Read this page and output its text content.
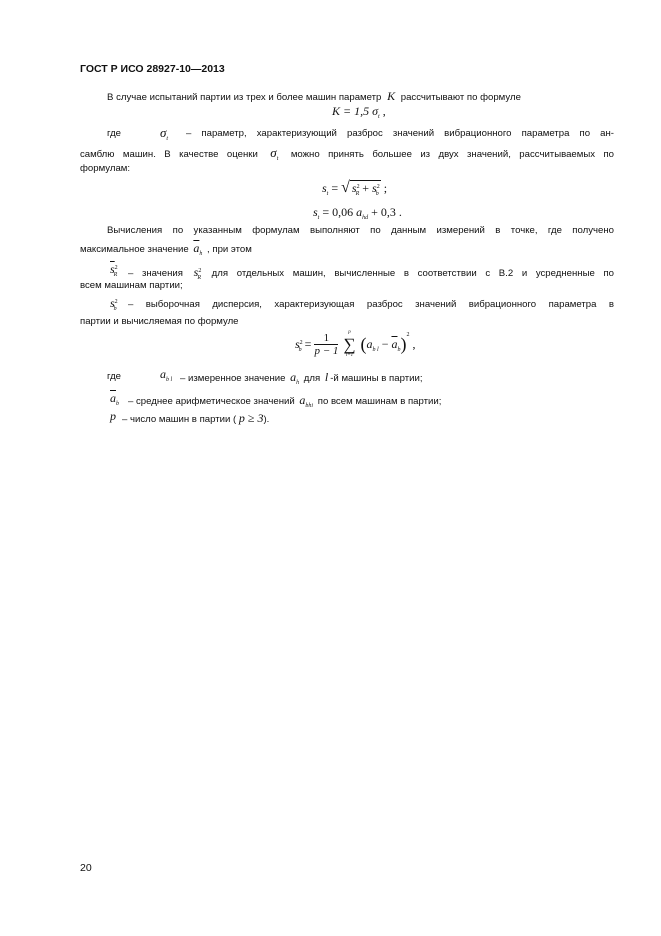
ГОСТ Р ИСО 28927-10—2013
В случае испытаний партии из трех и более машин параметр K рассчитывают по формуле
K = 1,5 $\sigma_t$ ,
где	$\sigma_t$ – параметр, характеризующий разброс значений вибрационного параметра по ан-
самблю машин. В качестве оценки $\sigma_t$ можно принять большее из двух значений, рассчитываемых по
формулам:
$s_t$ = √ $s^2_R + s^2_b$ ;
$s_t = 0,06$ $a_{hd} + 0,3$ .
Вычисления по указанным формулам выполняют по данным измерений в точке, где получено
максимальное значение $\overline{a}_h$ , при этом
$\overline{s}^2_R$ – значения $s^2_R$ для отдельных машин, вычисленные в соответствии с В.2 и усредненные по
всем машинам партии;
$s^2_b$ – выборочная дисперсия, характеризующая разброс значений вибрационного параметра в
партии и вычисляемая по формуле
$s^2_b = \frac{1}{p - 1}$
	p
∑
l=1
$(a_{b l} - \overline{a}_b)^2$ ,
где	$a_{b l}$ – измеренное значение $a_h$ для l -й машины в партии;
$\overline{a}_b$ – среднее арифметическое значений $a_{bhi}$ по всем машинам в партии;
p – число машин в партии ( p ≥ 3).
20
